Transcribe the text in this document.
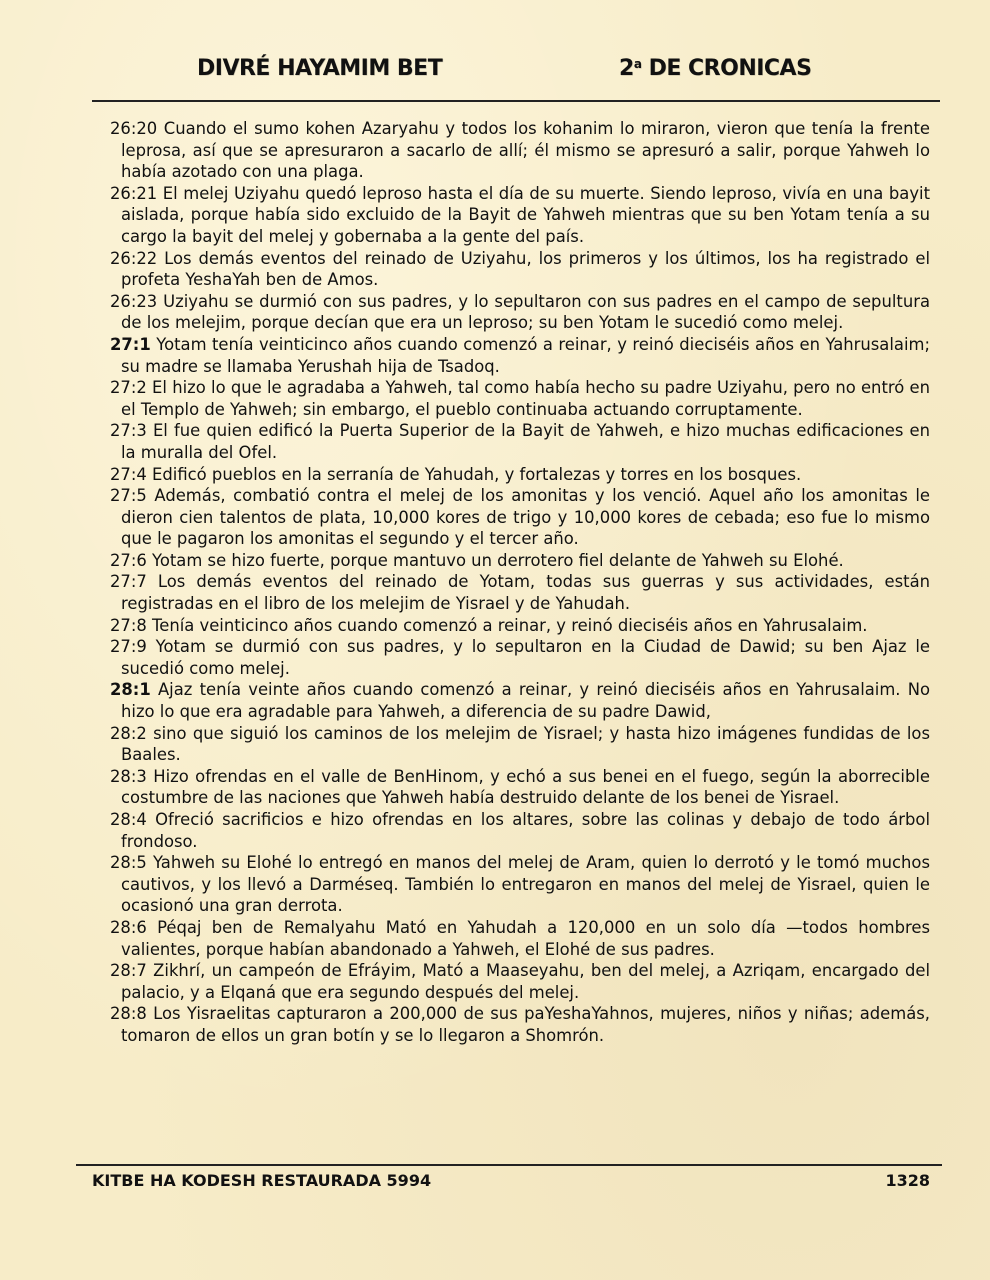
DIVRÉ HAYAMIM BET	2$^a$ DE CRONICAS

26:20 Cuando el sumo kohen Azaryahu y todos los kohanim lo miraron, vieron que tenía la frente leprosa, así que se apresuraron a sacarlo de allí; él mismo se apresuró a salir, porque Yahweh lo había azotado con una plaga.

26:21 El melej Uziyahu quedó leproso hasta el día de su muerte. Siendo leproso, vivía en una bayit aislada, porque había sido excluido de la Bayit de Yahweh mientras que su ben Yotam tenía a su cargo la bayit del melej y gobernaba a la gente del país.

26:22 Los demás eventos del reinado de Uziyahu, los primeros y los últimos, los ha registrado el profeta YeshaYah ben de Amos.

26:23 Uziyahu se durmió con sus padres, y lo sepultaron con sus padres en el campo de sepultura de los melejim, porque decían que era un leproso; su ben Yotam le sucedió como melej.

27:1 Yotam tenía veinticinco años cuando comenzó a reinar, y reinó dieciséis años en Yahrusalaim; su madre se llamaba Yerushah hija de Tsadoq.

27:2 El hizo lo que le agradaba a Yahweh, tal como había hecho su padre Uziyahu, pero no entró en el Templo de Yahweh; sin embargo, el pueblo continuaba actuando corruptamente.

27:3 El fue quien edificó la Puerta Superior de la Bayit de Yahweh, e hizo muchas edificaciones en la muralla del Ofel.

27:4 Edificó pueblos en la serranía de Yahudah, y fortalezas y torres en los bosques.

27:5 Además, combatió contra el melej de los amonitas y los venció. Aquel año los amonitas le dieron cien talentos de plata, 10,000 kores de trigo y 10,000 kores de cebada; eso fue lo mismo que le pagaron los amonitas el segundo y el tercer año.

27:6 Yotam se hizo fuerte, porque mantuvo un derrotero fiel delante de Yahweh su Elohé.

27:7 Los demás eventos del reinado de Yotam, todas sus guerras y sus actividades, están registradas en el libro de los melejim de Yisrael y de Yahudah.

27:8 Tenía veinticinco años cuando comenzó a reinar, y reinó dieciséis años en Yahrusalaim.

27:9 Yotam se durmió con sus padres, y lo sepultaron en la Ciudad de Dawid; su ben Ajaz le sucedió como melej.

28:1 Ajaz tenía veinte años cuando comenzó a reinar, y reinó dieciséis años en Yahrusalaim. No hizo lo que era agradable para Yahweh, a diferencia de su padre Dawid,

28:2 sino que siguió los caminos de los melejim de Yisrael; y hasta hizo imágenes fundidas de los Baales.

28:3 Hizo ofrendas en el valle de BenHinom, y echó a sus benei en el fuego, según la aborrecible costumbre de las naciones que Yahweh había destruido delante de los benei de Yisrael.

28:4 Ofreció sacrificios e hizo ofrendas en los altares, sobre las colinas y debajo de todo árbol frondoso.

28:5 Yahweh su Elohé lo entregó en manos del melej de Aram, quien lo derrotó y le tomó muchos cautivos, y los llevó a Darméseq. También lo entregaron en manos del melej de Yisrael, quien le ocasionó una gran derrota.

28:6 Péqaj ben de Remalyahu Mató en Yahudah a 120,000 en un solo día —todos hombres valientes, porque habían abandonado a Yahweh, el Elohé de sus padres.

28:7 Zikhrí, un campeón de Efráyim, Mató a Maaseyahu, ben del melej, a Azriqam, encargado del palacio, y a Elqaná que era segundo después del melej.

28:8 Los Yisraelitas capturaron a 200,000 de sus paYeshaYahnos, mujeres, niños y niñas; además, tomaron de ellos un gran botín y se lo llegaron a Shomrón.

KITBE HA KODESH RESTAURADA 5994	1328
